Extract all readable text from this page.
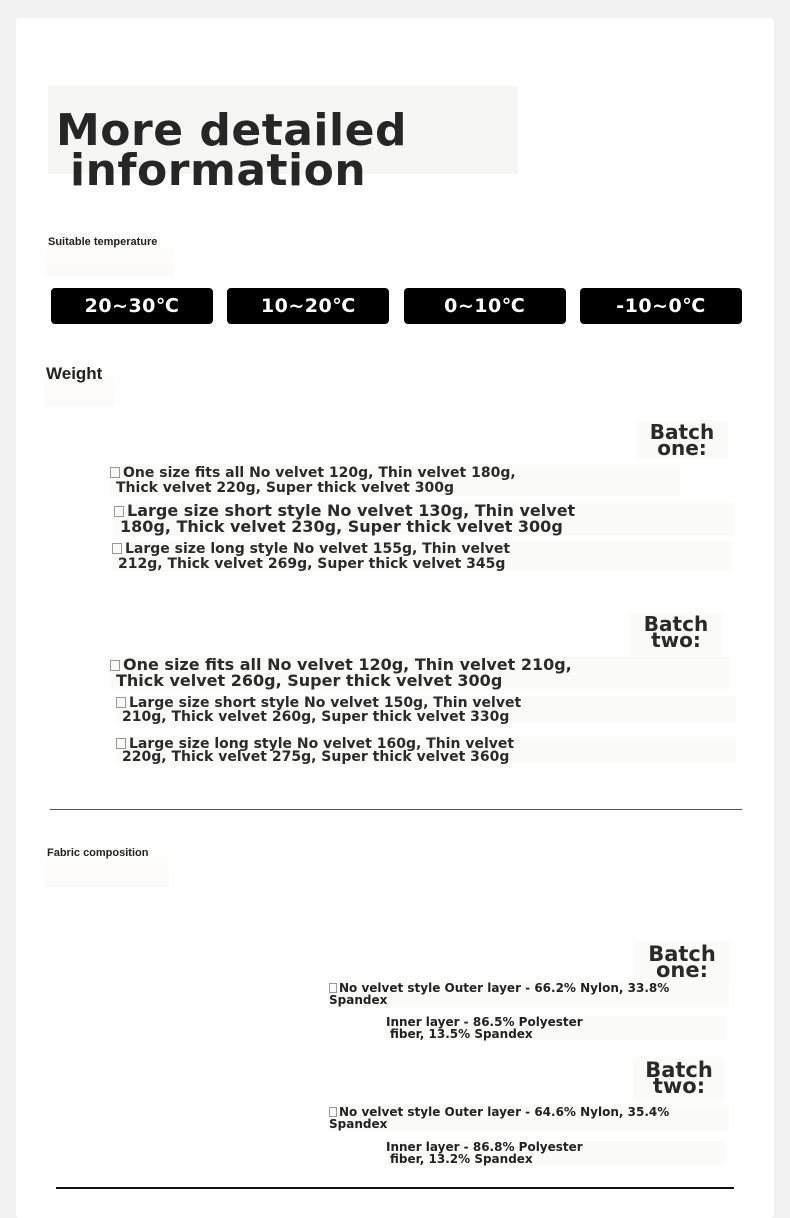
More detailed
information
Suitable temperature
20~30℃	10~20℃	0~10℃	-10~0℃
Weight
Batch one:
One size fits all No velvet 120g, Thin velvet 180g,
Thick velvet 220g, Super thick velvet 300g
Large size short style No velvet 130g, Thin velvet
180g, Thick velvet 230g, Super thick velvet 300g
Large size long style No velvet 155g, Thin velvet
212g, Thick velvet 269g, Super thick velvet 345g
Batch two:
One size fits all No velvet 120g, Thin velvet 210g,
Thick velvet 260g, Super thick velvet 300g
Large size short style No velvet 150g, Thin velvet
210g, Thick velvet 260g, Super thick velvet 330g
Large size long style No velvet 160g, Thin velvet
220g, Thick velvet 275g, Super thick velvet 360g
Fabric composition
Batch one:
No velvet style Outer layer - 66.2% Nylon, 33.8% Spandex
Inner layer - 86.5% Polyester
fiber, 13.5% Spandex
Batch two:
No velvet style Outer layer - 64.6% Nylon, 35.4% Spandex
Inner layer - 86.8% Polyester
fiber, 13.2% Spandex
